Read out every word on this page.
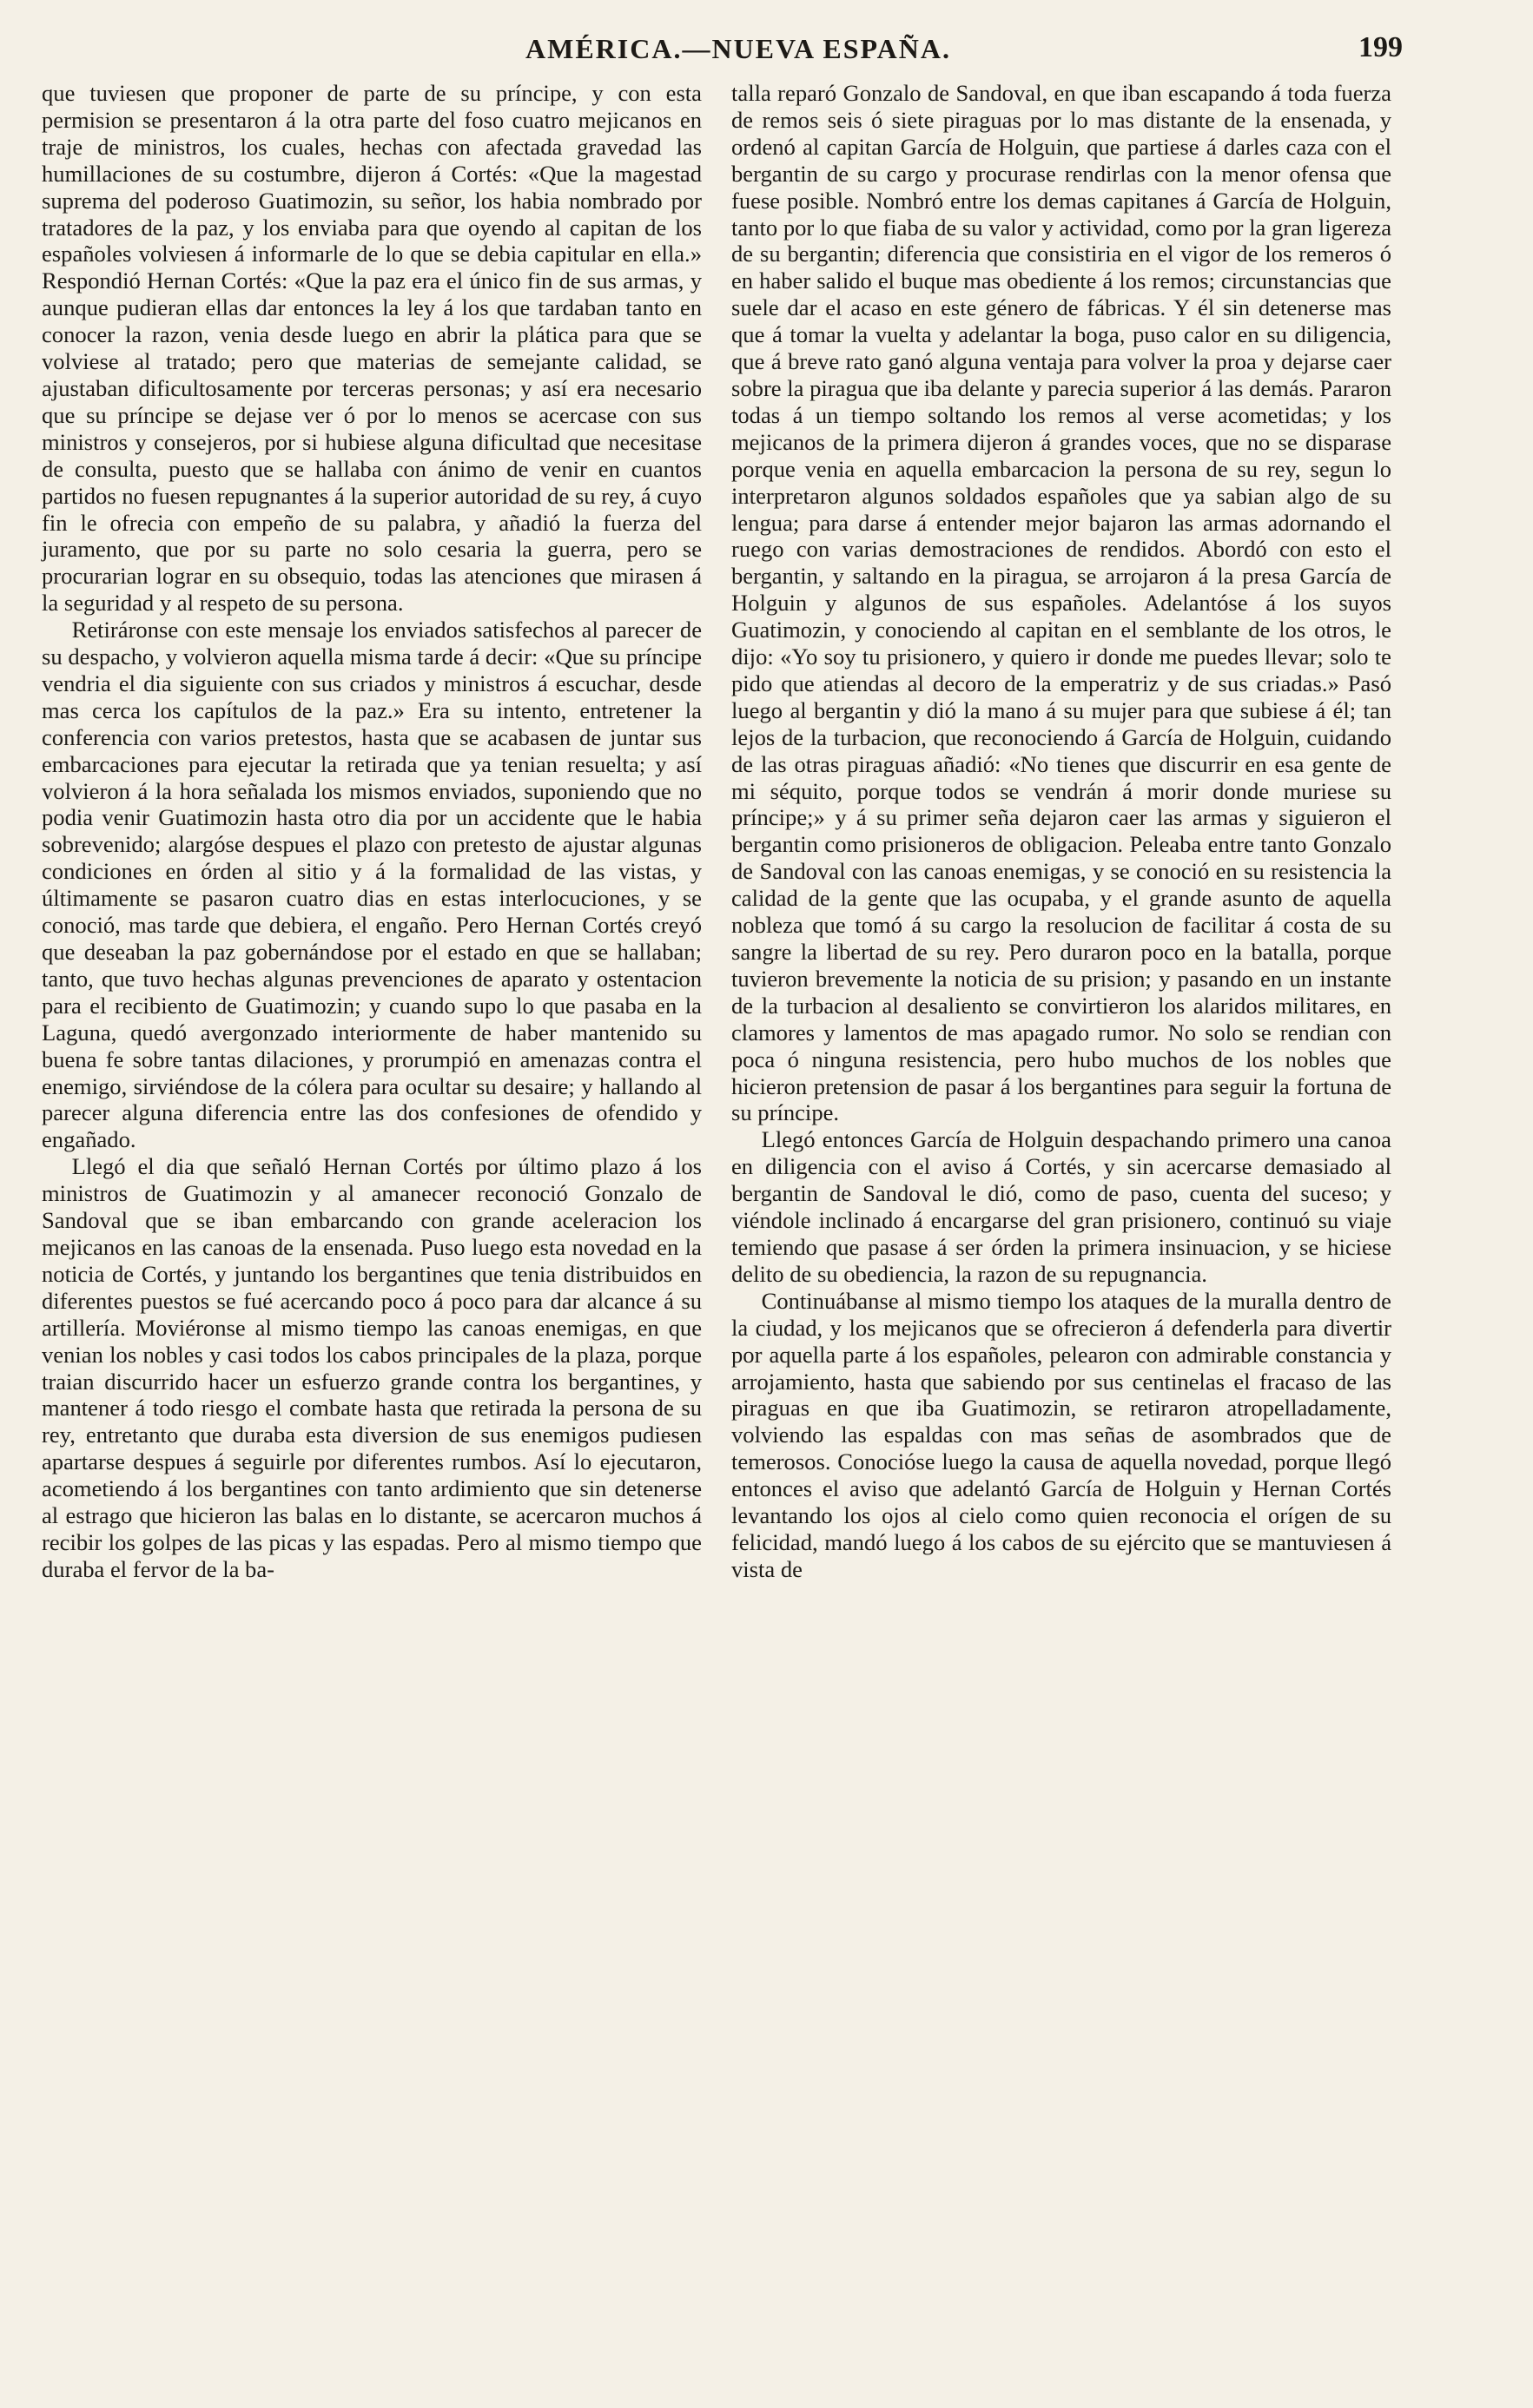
AMÉRICA.—NUEVA ESPAÑA.	199

que tuviesen que proponer de parte de su príncipe, y con esta permision se presentaron á la otra parte del foso cuatro mejicanos en traje de ministros, los cuales, hechas con afectada gravedad las humillaciones de su costumbre, dijeron á Cortés: «Que la magestad suprema del poderoso Guatimozin, su señor, los habia nombrado por tratadores de la paz, y los enviaba para que oyendo al capitan de los españoles volviesen á informarle de lo que se debia capitular en ella.» Respondió Hernan Cortés: «Que la paz era el único fin de sus armas, y aunque pudieran ellas dar entonces la ley á los que tardaban tanto en conocer la razon, venia desde luego en abrir la plática para que se volviese al tratado; pero que materias de semejante calidad, se ajustaban dificultosamente por terceras personas; y así era necesario que su príncipe se dejase ver ó por lo menos se acercase con sus ministros y consejeros, por si hubiese alguna dificultad que necesitase de consulta, puesto que se hallaba con ánimo de venir en cuantos partidos no fuesen repugnantes á la superior autoridad de su rey, á cuyo fin le ofrecia con empeño de su palabra, y añadió la fuerza del juramento, que por su parte no solo cesaria la guerra, pero se procurarian lograr en su obsequio, todas las atenciones que mirasen á la seguridad y al respeto de su persona.

Retiráronse con este mensaje los enviados satisfechos al parecer de su despacho, y volvieron aquella misma tarde á decir: «Que su príncipe vendria el dia siguiente con sus criados y ministros á escuchar, desde mas cerca los capítulos de la paz.» Era su intento, entretener la conferencia con varios pretestos, hasta que se acabasen de juntar sus embarcaciones para ejecutar la retirada que ya tenian resuelta; y así volvieron á la hora señalada los mismos enviados, suponiendo que no podia venir Guatimozin hasta otro dia por un accidente que le habia sobrevenido; alargóse despues el plazo con pretesto de ajustar algunas condiciones en órden al sitio y á la formalidad de las vistas, y últimamente se pasaron cuatro dias en estas interlocuciones, y se conoció, mas tarde que debiera, el engaño. Pero Hernan Cortés creyó que deseaban la paz gobernándose por el estado en que se hallaban; tanto, que tuvo hechas algunas prevenciones de aparato y ostentacion para el recibiento de Guatimozin; y cuando supo lo que pasaba en la Laguna, quedó avergonzado interiormente de haber mantenido su buena fe sobre tantas dilaciones, y prorumpió en amenazas contra el enemigo, sirviéndose de la cólera para ocultar su desaire; y hallando al parecer alguna diferencia entre las dos confesiones de ofendido y engañado.

Llegó el dia que señaló Hernan Cortés por último plazo á los ministros de Guatimozin y al amanecer reconoció Gonzalo de Sandoval que se iban embarcando con grande aceleracion los mejicanos en las canoas de la ensenada. Puso luego esta novedad en la noticia de Cortés, y juntando los bergantines que tenia distribuidos en diferentes puestos se fué acercando poco á poco para dar alcance á su artillería. Moviéronse al mismo tiempo las canoas enemigas, en que venian los nobles y casi todos los cabos principales de la plaza, porque traian discurrido hacer un esfuerzo grande contra los bergantines, y mantener á todo riesgo el combate hasta que retirada la persona de su rey, entretanto que duraba esta diversion de sus enemigos pudiesen apartarse despues á seguirle por diferentes rumbos. Así lo ejecutaron, acometiendo á los bergantines con tanto ardimiento que sin detenerse al estrago que hicieron las balas en lo distante, se acercaron muchos á recibir los golpes de las picas y las espadas. Pero al mismo tiempo que duraba el fervor de la ba-

talla reparó Gonzalo de Sandoval, en que iban escapando á toda fuerza de remos seis ó siete piraguas por lo mas distante de la ensenada, y ordenó al capitan García de Holguin, que partiese á darles caza con el bergantin de su cargo y procurase rendirlas con la menor ofensa que fuese posible. Nombró entre los demas capitanes á García de Holguin, tanto por lo que fiaba de su valor y actividad, como por la gran ligereza de su bergantin; diferencia que consistiria en el vigor de los remeros ó en haber salido el buque mas obediente á los remos; circunstancias que suele dar el acaso en este género de fábricas. Y él sin detenerse mas que á tomar la vuelta y adelantar la boga, puso calor en su diligencia, que á breve rato ganó alguna ventaja para volver la proa y dejarse caer sobre la piragua que iba delante y parecia superior á las demás. Pararon todas á un tiempo soltando los remos al verse acometidas; y los mejicanos de la primera dijeron á grandes voces, que no se disparase porque venia en aquella embarcacion la persona de su rey, segun lo interpretaron algunos soldados españoles que ya sabian algo de su lengua; para darse á entender mejor bajaron las armas adornando el ruego con varias demostraciones de rendidos. Abordó con esto el bergantin, y saltando en la piragua, se arrojaron á la presa García de Holguin y algunos de sus españoles. Adelantóse á los suyos Guatimozin, y conociendo al capitan en el semblante de los otros, le dijo: «Yo soy tu prisionero, y quiero ir donde me puedes llevar; solo te pido que atiendas al decoro de la emperatriz y de sus criadas.» Pasó luego al bergantin y dió la mano á su mujer para que subiese á él; tan lejos de la turbacion, que reconociendo á García de Holguin, cuidando de las otras piraguas añadió: «No tienes que discurrir en esa gente de mi séquito, porque todos se vendrán á morir donde muriese su príncipe;» y á su primer seña dejaron caer las armas y siguieron el bergantin como prisioneros de obligacion. Peleaba entre tanto Gonzalo de Sandoval con las canoas enemigas, y se conoció en su resistencia la calidad de la gente que las ocupaba, y el grande asunto de aquella nobleza que tomó á su cargo la resolucion de facilitar á costa de su sangre la libertad de su rey. Pero duraron poco en la batalla, porque tuvieron brevemente la noticia de su prision; y pasando en un instante de la turbacion al desaliento se convirtieron los alaridos militares, en clamores y lamentos de mas apagado rumor. No solo se rendian con poca ó ninguna resistencia, pero hubo muchos de los nobles que hicieron pretension de pasar á los bergantines para seguir la fortuna de su príncipe.

Llegó entonces García de Holguin despachando primero una canoa en diligencia con el aviso á Cortés, y sin acercarse demasiado al bergantin de Sandoval le dió, como de paso, cuenta del suceso; y viéndole inclinado á encargarse del gran prisionero, continuó su viaje temiendo que pasase á ser órden la primera insinuacion, y se hiciese delito de su obediencia, la razon de su repugnancia.

Continuábanse al mismo tiempo los ataques de la muralla dentro de la ciudad, y los mejicanos que se ofrecieron á defenderla para divertir por aquella parte á los españoles, pelearon con admirable constancia y arrojamiento, hasta que sabiendo por sus centinelas el fracaso de las piraguas en que iba Guatimozin, se retiraron atropelladamente, volviendo las espaldas con mas señas de asombrados que de temerosos. Conocióse luego la causa de aquella novedad, porque llegó entonces el aviso que adelantó García de Holguin y Hernan Cortés levantando los ojos al cielo como quien reconocia el orígen de su felicidad, mandó luego á los cabos de su ejército que se mantuviesen á vista de
